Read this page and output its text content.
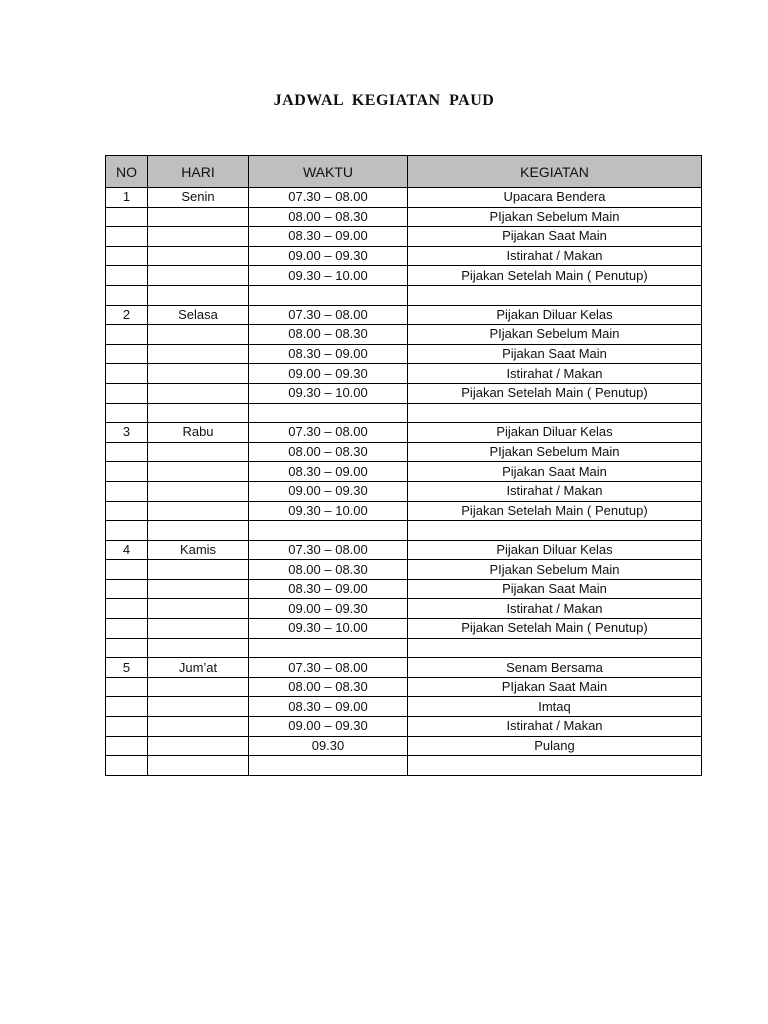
JADWAL KEGIATAN PAUD
NO	HARI	WAKTU	KEGIATAN
1	Senin	07.30 – 08.00	Upacara Bendera
		08.00 – 08.30	PIjakan Sebelum Main
		08.30 – 09.00	Pijakan Saat Main
		09.00 – 09.30	Istirahat / Makan
		09.30 – 10.00	Pijakan Setelah Main ( Penutup)

2	Selasa	07.30 – 08.00	Pijakan Diluar Kelas
		08.00 – 08.30	PIjakan Sebelum Main
		08.30 – 09.00	Pijakan Saat Main
		09.00 – 09.30	Istirahat / Makan
		09.30 – 10.00	Pijakan Setelah Main ( Penutup)

3	Rabu	07.30 – 08.00	Pijakan Diluar Kelas
		08.00 – 08.30	PIjakan Sebelum Main
		08.30 – 09.00	Pijakan Saat Main
		09.00 – 09.30	Istirahat / Makan
		09.30 – 10.00	Pijakan Setelah Main ( Penutup)

4	Kamis	07.30 – 08.00	Pijakan Diluar Kelas
		08.00 – 08.30	PIjakan Sebelum Main
		08.30 – 09.00	Pijakan Saat Main
		09.00 – 09.30	Istirahat / Makan
		09.30 – 10.00	Pijakan Setelah Main ( Penutup)

5	Jum’at	07.30 – 08.00	Senam Bersama
		08.00 – 08.30	PIjakan Saat Main
		08.30 – 09.00	Imtaq
		09.00 – 09.30	Istirahat / Makan
		09.30	Pulang
